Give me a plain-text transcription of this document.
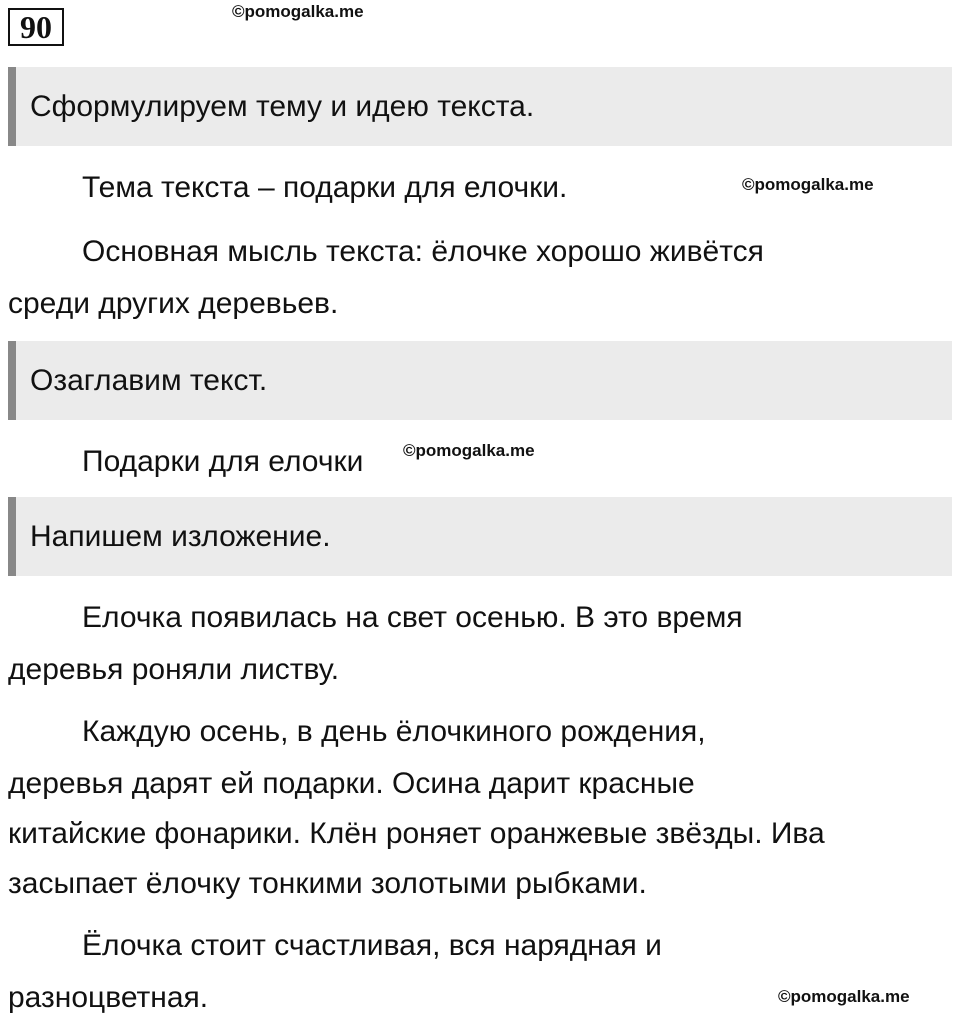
90	©pomogalka.me
©pomogalka.me
©pomogalka.me
©pomogalka.me
Сформулируем тему и идею текста.
Тема текста – подарки для елочки.
Основная мысль текста: ёлочке хорошо живётся
среди других деревьев.
Озаглавим текст.
Подарки для елочки
Напишем изложение.
Елочка появилась на свет осенью. В это время
деревья роняли листву.
Каждую осень, в день ёлочкиного рождения,
деревья дарят ей подарки. Осина дарит красные
китайские фонарики. Клён роняет оранжевые звёзды. Ива
засыпает ёлочку тонкими золотыми рыбками.
Ёлочка стоит счастливая, вся нарядная и
разноцветная.
